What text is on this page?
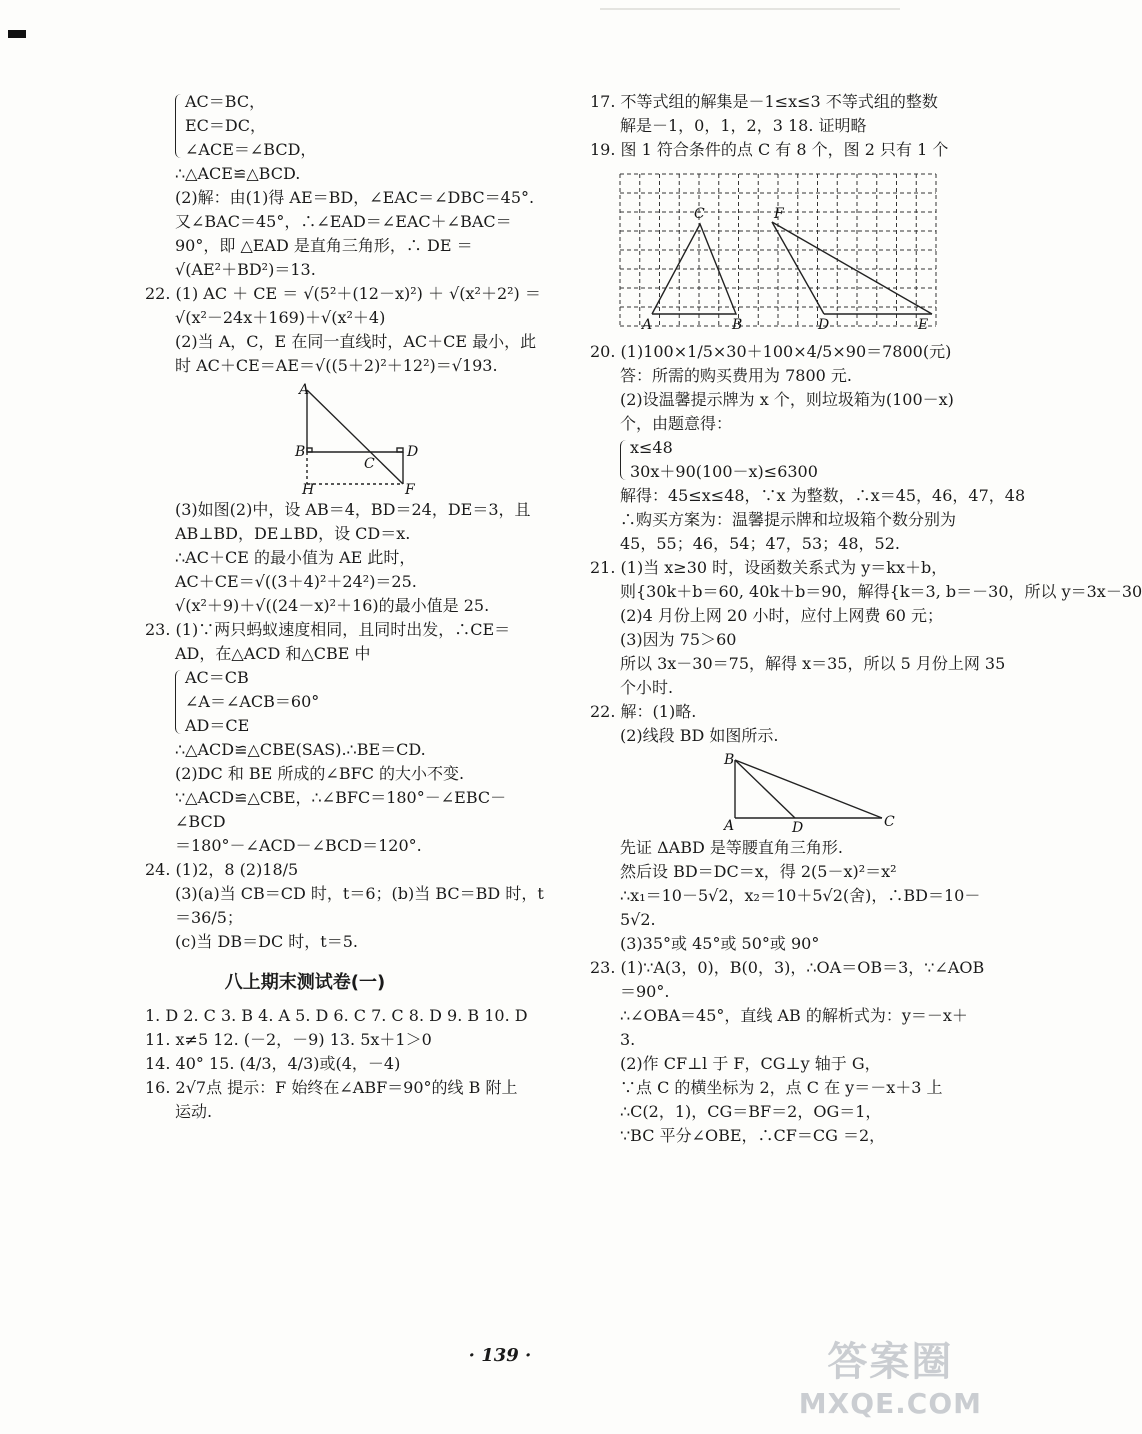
AC＝BC，
EC＝DC，
∠ACE＝∠BCD，
∴△ACE≌△BCD.
(2)解：由(1)得 AE＝BD，∠EAC＝∠DBC＝45°.
又∠BAC＝45°，∴∠EAD＝∠EAC＋∠BAC＝
90°，即 △EAD 是直角三角形，∴ DE ＝
√(AE²＋BD²)＝13.
22. (1) AC ＋ CE ＝ √(5²＋(12－x)²) ＋ √(x²＋2²) ＝
√(x²－24x＋169)＋√(x²＋4)
(2)当 A，C，E 在同一直线时，AC＋CE 最小，此
时 AC＋CE＝AE＝√((5＋2)²＋12²)＝√193.
A
B
C
D
H	F
(3)如图(2)中，设 AB＝4，BD＝24，DE＝3，且
AB⊥BD，DE⊥BD，设 CD＝x.
∴AC＋CE 的最小值为 AE 此时，
AC＋CE＝√((3＋4)²＋24²)＝25.
√(x²＋9)＋√((24－x)²＋16)的最小值是 25.
23. (1)∵两只蚂蚁速度相同，且同时出发，∴CE＝
AD，在△ACD 和△CBE 中
AC＝CB
∠A＝∠ACB＝60°
AD＝CE
∴△ACD≌△CBE(SAS).∴BE＝CD.
(2)DC 和 BE 所成的∠BFC 的大小不变.
∵△ACD≌△CBE，∴∠BFC＝180°－∠EBC－
∠BCD
＝180°－∠ACD－∠BCD＝120°.
24. (1)2，8 (2)18/5
(3)(a)当 CB＝CD 时，t＝6；(b)当 BC＝BD 时，t
＝36/5；
(c)当 DB＝DC 时，t＝5.
八上期末测试卷(一)
1. D 2. C 3. B 4. A 5. D 6. C 7. C 8. D 9. B 10. D
11. x≠5 12. (－2，－9) 13. 5x＋1＞0
14. 40° 15. (4/3，4/3)或(4，－4)
16. 2√7点 提示：F 始终在∠ABF＝90°的线 B 附上
运动.
17. 不等式组的解集是－1≤x≤3 不等式组的整数
解是－1，0，1，2，3 18. 证明略
19. 图 1 符合条件的点 C 有 8 个，图 2 只有 1 个
A	B
C	F
D	E
20. (1)100×1/5×30＋100×4/5×90＝7800(元)
答：所需的购买费用为 7800 元.
(2)设温馨提示牌为 x 个，则垃圾箱为(100－x)
个，由题意得：
x≤48
30x＋90(100－x)≤6300
解得：45≤x≤48，∵x 为整数，∴x＝45，46，47，48
∴购买方案为：温馨提示牌和垃圾箱个数分别为
45，55；46，54；47，53；48，52.
21. (1)当 x≥30 时，设函数关系式为 y＝kx＋b，
则{30k＋b＝60, 40k＋b＝90，解得{k＝3, b＝－30，所以 y＝3x－30
(2)4 月份上网 20 小时，应付上网费 60 元；
(3)因为 75＞60
所以 3x－30＝75，解得 x＝35，所以 5 月份上网 35
个小时.
22. 解：(1)略.
(2)线段 BD 如图所示.
B
A	D	C
先证 ΔABD 是等腰直角三角形.
然后设 BD＝DC＝x，得 2(5－x)²＝x²
∴x₁＝10－5√2，x₂＝10＋5√2(舍)，∴BD＝10－
5√2.
(3)35°或 45°或 50°或 90°
23. (1)∵A(3，0)，B(0，3)，∴OA＝OB＝3，∵∠AOB
＝90°.
∴∠OBA＝45°，直线 AB 的解析式为：y＝－x＋
3.
(2)作 CF⊥l 于 F，CG⊥y 轴于 G，
∵点 C 的横坐标为 2，点 C 在 y＝－x＋3 上
∴C(2，1)，CG＝BF＝2，OG＝1，
∵BC 平分∠OBE，∴CF＝CG ＝2，
· 139 ·	答案圈
MXQE.COM
